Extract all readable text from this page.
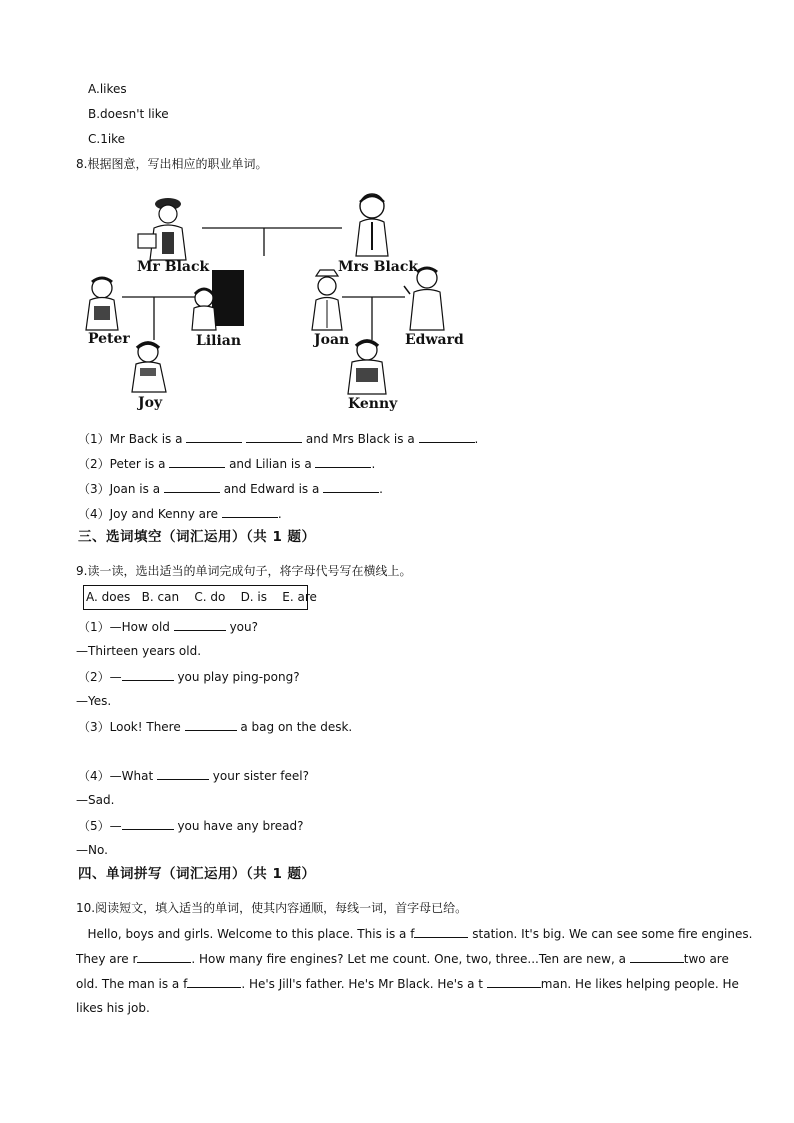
A.likes
B.doesn't like
C.1ike
8.根据图意，写出相应的职业单词。
Mr Black	Mrs Black
Peter	Lilian	Joan	Edward
Joy	Kenny
（1）Mr Back is a	and Mrs Black is a	.
（2）Peter is a	and Lilian is a	.
（3）Joan is a	and Edward is a	.
（4）Joy and Kenny are	.
三、选词填空（词汇运用）（共 1 题）
9.读一读，选出适当的单词完成句子，将字母代号写在横线上。
A. does   B. can    C. do    D. is    E. are
（1）—How old	you?
—Thirteen years old.
（2）—	you play ping-pong?
—Yes.
（3）Look! There	a bag on the desk.
（4）—What	your sister feel?
—Sad.
（5）—	you have any bread?
—No.
四、单词拼写（词汇运用）（共 1 题）
10.阅读短文，填入适当的单词，使其内容通顺，每线一词，首字母已给。
Hello, boys and girls. Welcome to this place. This is a f	station. It's big. We can see some fire engines.
They are r	. How many fire engines? Let me count. One, two, three...Ten are new, a	two are
old. The man is a f	. He's Jill's father. He's Mr Black. He's a t	man. He likes helping people. He
likes his job.
